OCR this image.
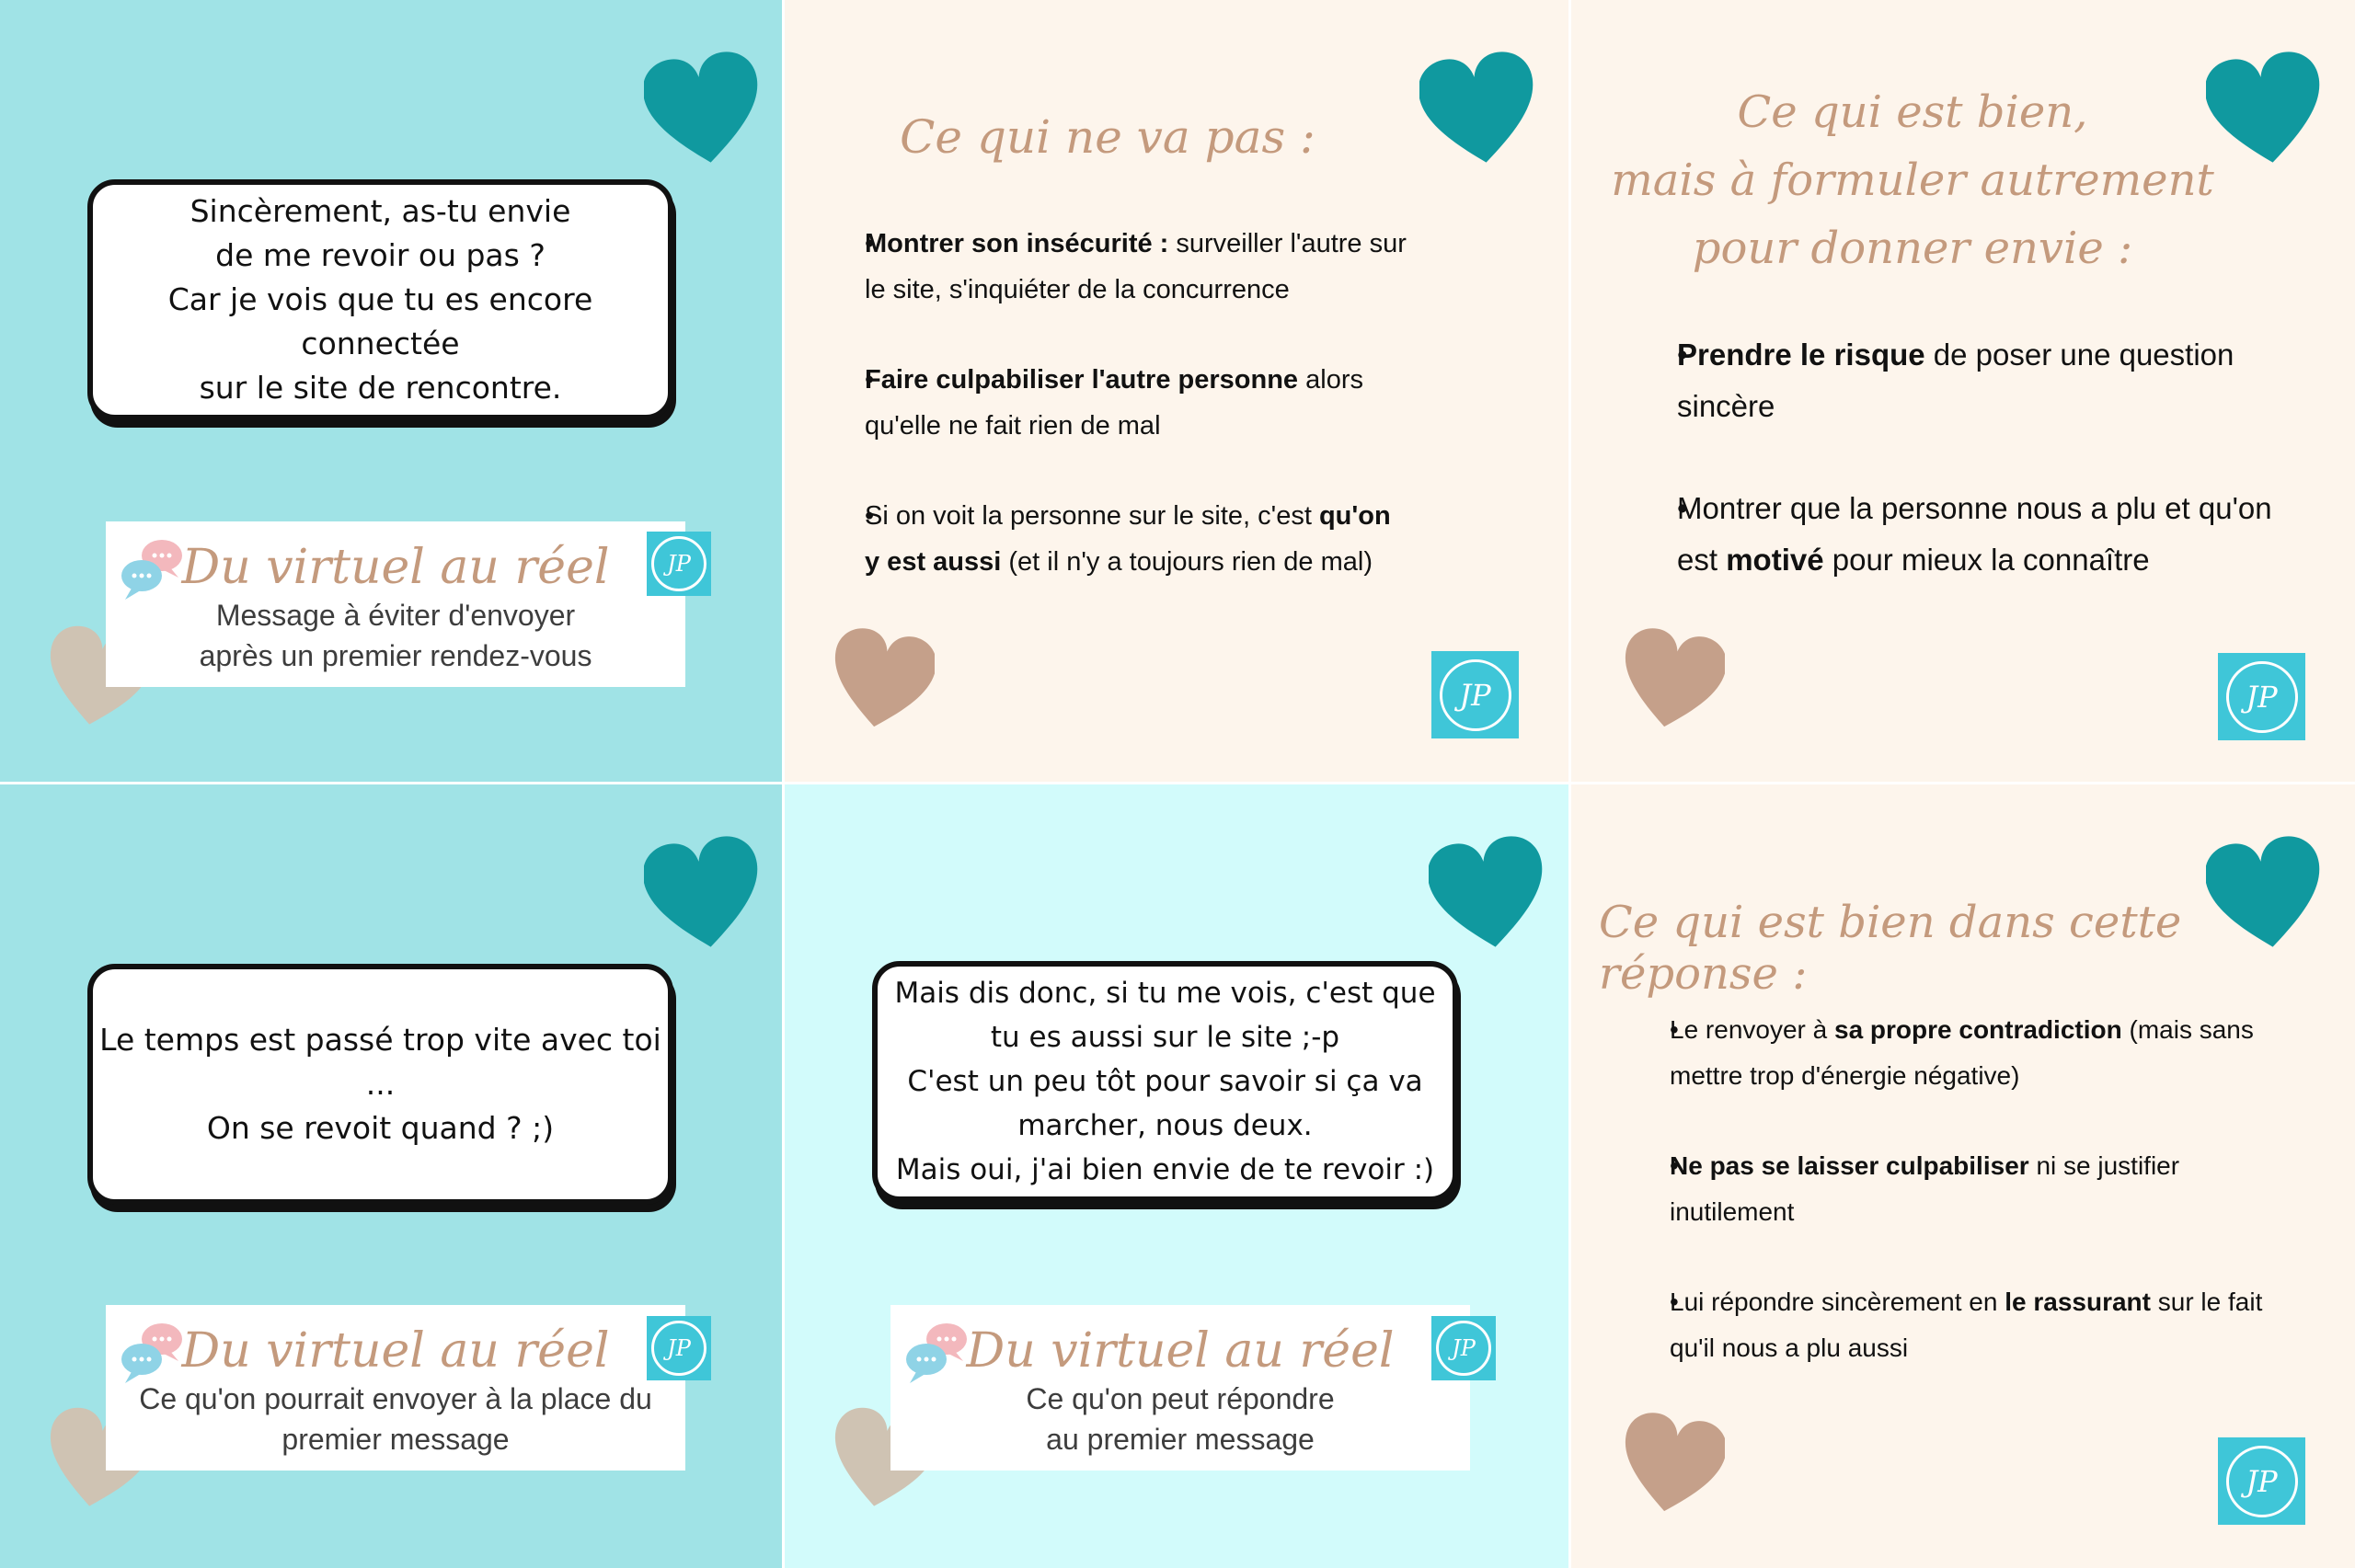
Sincèrement, as-tu envie

de me revoir ou pas ?

Car je vois que tu es encore connectée

sur le site de rencontre.

Du virtuel au réel
Message à éviter d'envoyer
après un premier rendez-vous
JP
Ce qui ne va pas :
• Montrer son insécurité : surveiller l'autre sur le site, s'inquiéter de la concurrence
• Faire culpabiliser l'autre personne alors qu'elle ne fait rien de mal
• Si on voit la personne sur le site, c'est qu'on y est aussi (et il n'y a toujours rien de mal)
JP
Ce qui est bien,
mais à formuler autrement
pour donner envie :
• Prendre le risque de poser une question sincère
• Montrer que la personne nous a plu et qu'on est motivé pour mieux la connaître
JP

Le temps est passé trop vite avec toi ...

On se revoit quand ? ;)

Du virtuel au réel
Ce qu'on pourrait envoyer à la place du
premier message
JP

Mais dis donc, si tu me vois, c'est que

tu es aussi sur le site ;-p

C'est un peu tôt pour savoir si ça va

marcher, nous deux.

Mais oui, j'ai bien envie de te revoir :)

Du virtuel au réel
Ce qu'on peut répondre
au premier message
JP
Ce qui est bien dans cette réponse :
• Le renvoyer à sa propre contradiction (mais sans mettre trop d'énergie négative)
• Ne pas se laisser culpabiliser ni se justifier inutilement
• Lui répondre sincèrement en le rassurant sur le fait qu'il nous a plu aussi
JP
